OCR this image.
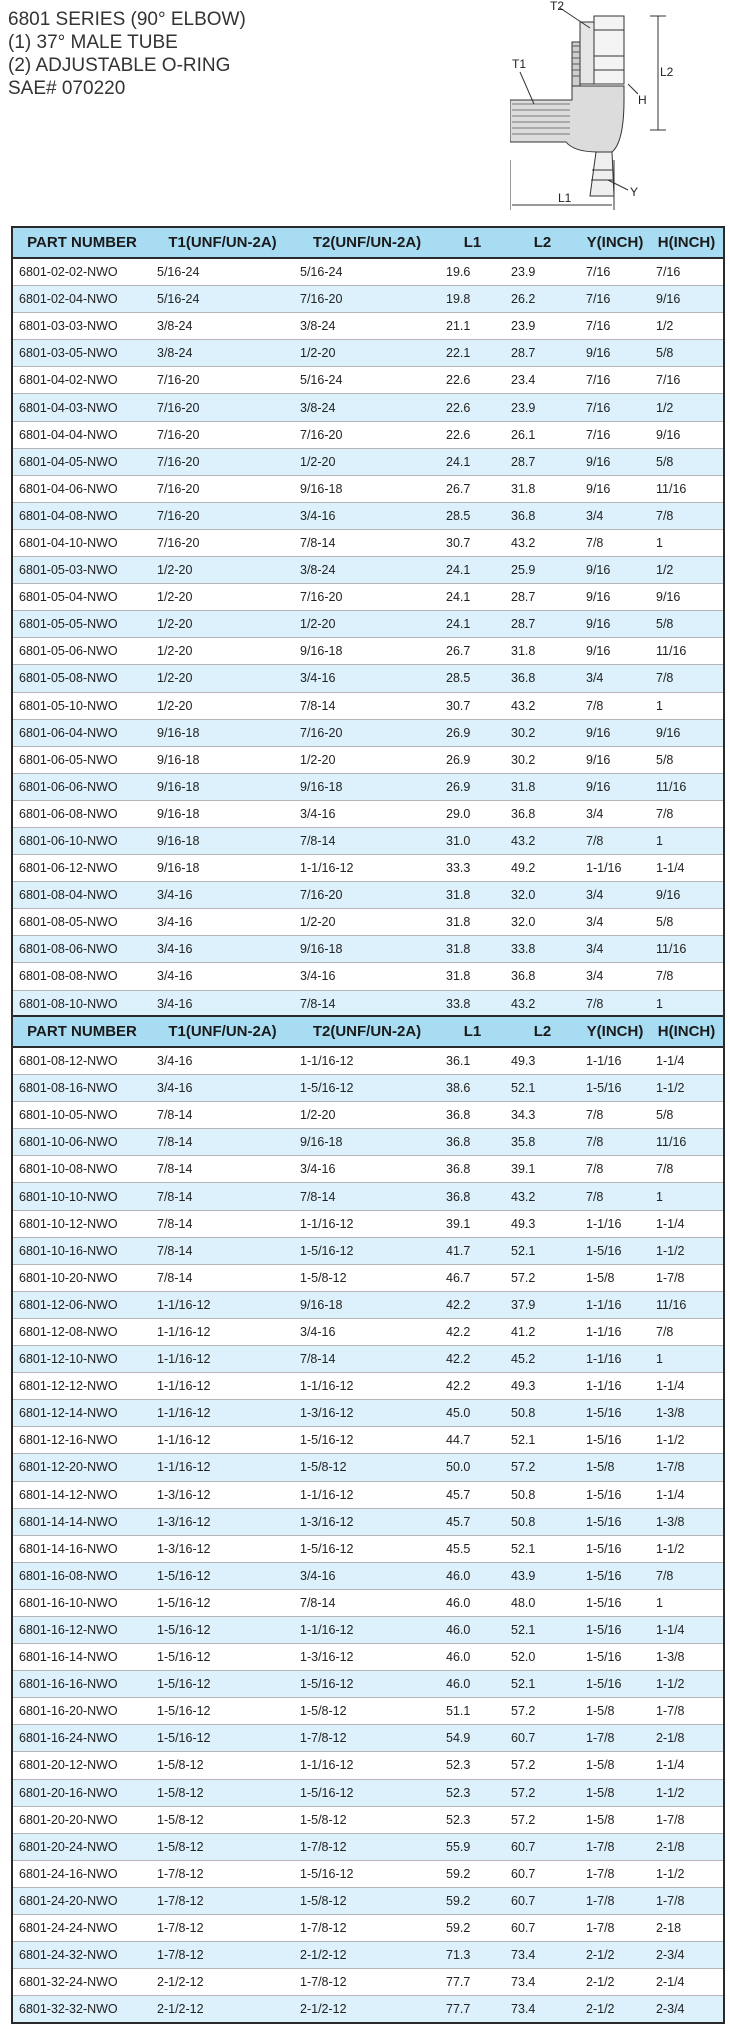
6801 SERIES (90° ELBOW)
(1) 37° MALE TUBE
(2) ADJUSTABLE O-RING
SAE# 070220
T2
T1
L2
H
L1	Y
PART NUMBER	T1(UNF/UN-2A)	T2(UNF/UN-2A)	L1	L2	Y(INCH)	H(INCH)
6801-02-02-NWO	5/16-24	5/16-24	19.6	23.9	7/16	7/16
6801-02-04-NWO	5/16-24	7/16-20	19.8	26.2	7/16	9/16
6801-03-03-NWO	3/8-24	3/8-24	21.1	23.9	7/16	1/2
6801-03-05-NWO	3/8-24	1/2-20	22.1	28.7	9/16	5/8
6801-04-02-NWO	7/16-20	5/16-24	22.6	23.4	7/16	7/16
6801-04-03-NWO	7/16-20	3/8-24	22.6	23.9	7/16	1/2
6801-04-04-NWO	7/16-20	7/16-20	22.6	26.1	7/16	9/16
6801-04-05-NWO	7/16-20	1/2-20	24.1	28.7	9/16	5/8
6801-04-06-NWO	7/16-20	9/16-18	26.7	31.8	9/16	11/16
6801-04-08-NWO	7/16-20	3/4-16	28.5	36.8	3/4	7/8
6801-04-10-NWO	7/16-20	7/8-14	30.7	43.2	7/8	1
6801-05-03-NWO	1/2-20	3/8-24	24.1	25.9	9/16	1/2
6801-05-04-NWO	1/2-20	7/16-20	24.1	28.7	9/16	9/16
6801-05-05-NWO	1/2-20	1/2-20	24.1	28.7	9/16	5/8
6801-05-06-NWO	1/2-20	9/16-18	26.7	31.8	9/16	11/16
6801-05-08-NWO	1/2-20	3/4-16	28.5	36.8	3/4	7/8
6801-05-10-NWO	1/2-20	7/8-14	30.7	43.2	7/8	1
6801-06-04-NWO	9/16-18	7/16-20	26.9	30.2	9/16	9/16
6801-06-05-NWO	9/16-18	1/2-20	26.9	30.2	9/16	5/8
6801-06-06-NWO	9/16-18	9/16-18	26.9	31.8	9/16	11/16
6801-06-08-NWO	9/16-18	3/4-16	29.0	36.8	3/4	7/8
6801-06-10-NWO	9/16-18	7/8-14	31.0	43.2	7/8	1
6801-06-12-NWO	9/16-18	1-1/16-12	33.3	49.2	1-1/16	1-1/4
6801-08-04-NWO	3/4-16	7/16-20	31.8	32.0	3/4	9/16
6801-08-05-NWO	3/4-16	1/2-20	31.8	32.0	3/4	5/8
6801-08-06-NWO	3/4-16	9/16-18	31.8	33.8	3/4	11/16
6801-08-08-NWO	3/4-16	3/4-16	31.8	36.8	3/4	7/8
6801-08-10-NWO	3/4-16	7/8-14	33.8	43.2	7/8	1
PART NUMBER	T1(UNF/UN-2A)	T2(UNF/UN-2A)	L1	L2	Y(INCH)	H(INCH)
6801-08-12-NWO	3/4-16	1-1/16-12	36.1	49.3	1-1/16	1-1/4
6801-08-16-NWO	3/4-16	1-5/16-12	38.6	52.1	1-5/16	1-1/2
6801-10-05-NWO	7/8-14	1/2-20	36.8	34.3	7/8	5/8
6801-10-06-NWO	7/8-14	9/16-18	36.8	35.8	7/8	11/16
6801-10-08-NWO	7/8-14	3/4-16	36.8	39.1	7/8	7/8
6801-10-10-NWO	7/8-14	7/8-14	36.8	43.2	7/8	1
6801-10-12-NWO	7/8-14	1-1/16-12	39.1	49.3	1-1/16	1-1/4
6801-10-16-NWO	7/8-14	1-5/16-12	41.7	52.1	1-5/16	1-1/2
6801-10-20-NWO	7/8-14	1-5/8-12	46.7	57.2	1-5/8	1-7/8
6801-12-06-NWO	1-1/16-12	9/16-18	42.2	37.9	1-1/16	11/16
6801-12-08-NWO	1-1/16-12	3/4-16	42.2	41.2	1-1/16	7/8
6801-12-10-NWO	1-1/16-12	7/8-14	42.2	45.2	1-1/16	1
6801-12-12-NWO	1-1/16-12	1-1/16-12	42.2	49.3	1-1/16	1-1/4
6801-12-14-NWO	1-1/16-12	1-3/16-12	45.0	50.8	1-5/16	1-3/8
6801-12-16-NWO	1-1/16-12	1-5/16-12	44.7	52.1	1-5/16	1-1/2
6801-12-20-NWO	1-1/16-12	1-5/8-12	50.0	57.2	1-5/8	1-7/8
6801-14-12-NWO	1-3/16-12	1-1/16-12	45.7	50.8	1-5/16	1-1/4
6801-14-14-NWO	1-3/16-12	1-3/16-12	45.7	50.8	1-5/16	1-3/8
6801-14-16-NWO	1-3/16-12	1-5/16-12	45.5	52.1	1-5/16	1-1/2
6801-16-08-NWO	1-5/16-12	3/4-16	46.0	43.9	1-5/16	7/8
6801-16-10-NWO	1-5/16-12	7/8-14	46.0	48.0	1-5/16	1
6801-16-12-NWO	1-5/16-12	1-1/16-12	46.0	52.1	1-5/16	1-1/4
6801-16-14-NWO	1-5/16-12	1-3/16-12	46.0	52.0	1-5/16	1-3/8
6801-16-16-NWO	1-5/16-12	1-5/16-12	46.0	52.1	1-5/16	1-1/2
6801-16-20-NWO	1-5/16-12	1-5/8-12	51.1	57.2	1-5/8	1-7/8
6801-16-24-NWO	1-5/16-12	1-7/8-12	54.9	60.7	1-7/8	2-1/8
6801-20-12-NWO	1-5/8-12	1-1/16-12	52.3	57.2	1-5/8	1-1/4
6801-20-16-NWO	1-5/8-12	1-5/16-12	52.3	57.2	1-5/8	1-1/2
6801-20-20-NWO	1-5/8-12	1-5/8-12	52.3	57.2	1-5/8	1-7/8
6801-20-24-NWO	1-5/8-12	1-7/8-12	55.9	60.7	1-7/8	2-1/8
6801-24-16-NWO	1-7/8-12	1-5/16-12	59.2	60.7	1-7/8	1-1/2
6801-24-20-NWO	1-7/8-12	1-5/8-12	59.2	60.7	1-7/8	1-7/8
6801-24-24-NWO	1-7/8-12	1-7/8-12	59.2	60.7	1-7/8	2-18
6801-24-32-NWO	1-7/8-12	2-1/2-12	71.3	73.4	2-1/2	2-3/4
6801-32-24-NWO	2-1/2-12	1-7/8-12	77.7	73.4	2-1/2	2-1/4
6801-32-32-NWO	2-1/2-12	2-1/2-12	77.7	73.4	2-1/2	2-3/4
